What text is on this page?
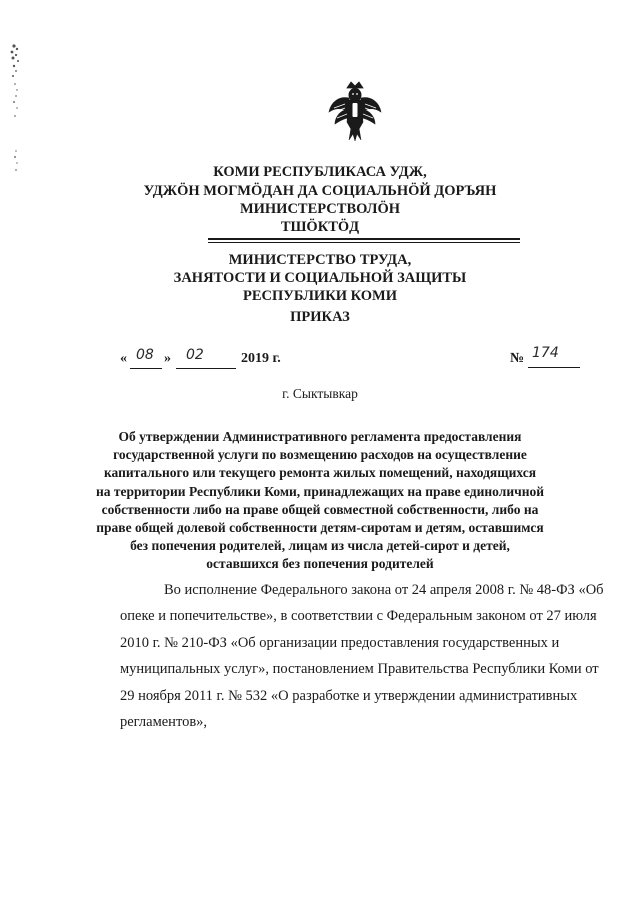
КОМИ РЕСПУБЛИКАСА УДЖ,
УДЖÖН МОГМÖДАН ДА СОЦИАЛЬНÖЙ ДОРЪЯН
МИНИСТЕРСТВОЛÖН
ТШÖКТÖД
МИНИСТЕРСТВО ТРУДА,
ЗАНЯТОСТИ И СОЦИАЛЬНОЙ ЗАЩИТЫ
РЕСПУБЛИКИ КОМИ
ПРИКАЗ
« 08 » 02	2019 г.	№ 174
г. Сыктывкар
Об утверждении Административного регламента предоставления
государственной услуги по возмещению расходов на осуществление
капитального или текущего ремонта жилых помещений, находящихся
на территории Республики Коми, принадлежащих на праве единоличной
собственности либо на праве общей совместной собственности, либо на
праве общей долевой собственности детям-сиротам и детям, оставшимся
без попечения родителей, лицам из числа детей-сирот и детей,
оставшихся без попечения родителей
Во исполнение Федерального закона от 24 апреля 2008 г. № 48-ФЗ «Об
опеке и попечительстве», в соответствии с Федеральным законом от 27 июля
2010 г. № 210-ФЗ «Об организации предоставления государственных и
муниципальных услуг», постановлением Правительства Республики Коми от
29 ноября 2011 г. № 532 «О разработке и утверждении административных
регламентов»,
